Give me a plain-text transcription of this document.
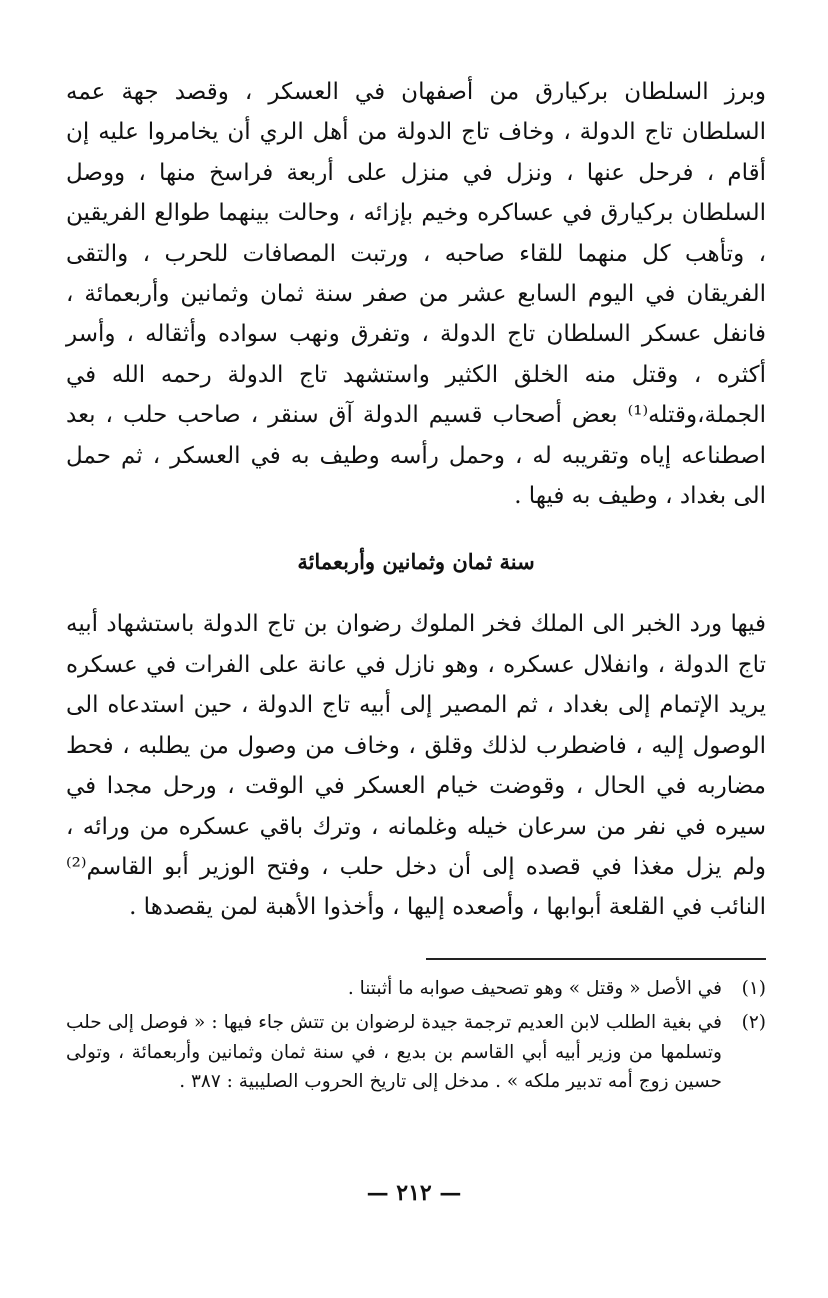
وبرز السلطان بركيارق من أصفهان في العسكر ، وقصد جهة عمه السلطان تاج الدولة ، وخاف تاج الدولة من أهل الري أن يخامروا عليه إن أقام ، فرحل عنها ، ونزل في منزل على أربعة فراسخ منها ، ووصل السلطان بركيارق في عساكره وخيم بإزائه ، وحالت بينهما طوالع الفريقين ، وتأهب كل منهما للقاء صاحبه ، ورتبت المصافات للحرب ، والتقى الفريقان في اليوم السابع عشر من صفر سنة ثمان وثمانين وأربعمائة ، فانفل عسكر السلطان تاج الدولة ، وتفرق ونهب سواده وأثقاله ، وأسر أكثره ، وقتل منه الخلق الكثير واستشهد تاج الدولة رحمه الله في الجملة،وقتله⁽¹⁾ بعض أصحاب قسيم الدولة آق سنقر ، صاحب حلب ، بعد اصطناعه إياه وتقريبه له ، وحمل رأسه وطيف به في العسكر ، ثم حمل الى بغداد ، وطيف به فيها .

سنة ثمان وثمانين وأربعمائة

فيها ورد الخبر الى الملك فخر الملوك رضوان بن تاج الدولة باستشهاد أبيه تاج الدولة ، وانفلال عسكره ، وهو نازل في عانة على الفرات في عسكره يريد الإتمام إلى بغداد ، ثم المصير إلى أبيه تاج الدولة ، حين استدعاه الى الوصول إليه ، فاضطرب لذلك وقلق ، وخاف من وصول من يطلبه ، فحط مضاربه في الحال ، وقوضت خيام العسكر في الوقت ، ورحل مجدا في سيره في نفر من سرعان خيله وغلمانه ، وترك باقي عسكره من ورائه ، ولم يزل مغذا في قصده إلى أن دخل حلب ، وفتح الوزير أبو القاسم⁽²⁾ النائب في القلعة أبوابها ، وأصعده إليها ، وأخذوا الأهبة لمن يقصدها .

(١)
في الأصل « وقتل » وهو تصحيف صوابه ما أثبتنا .
(٢)
في بغية الطلب لابن العديم ترجمة جيدة لرضوان بن تتش جاء فيها : « فوصل إلى حلب وتسلمها من وزير أبيه أبي القاسم بن بديع ، في سنة ثمان وثمانين وأربعمائة ، وتولى حسين زوج أمه تدبير ملكه » . مدخل إلى تاريخ الحروب الصليبية : ٣٨٧ .
— ٢١٢ —
